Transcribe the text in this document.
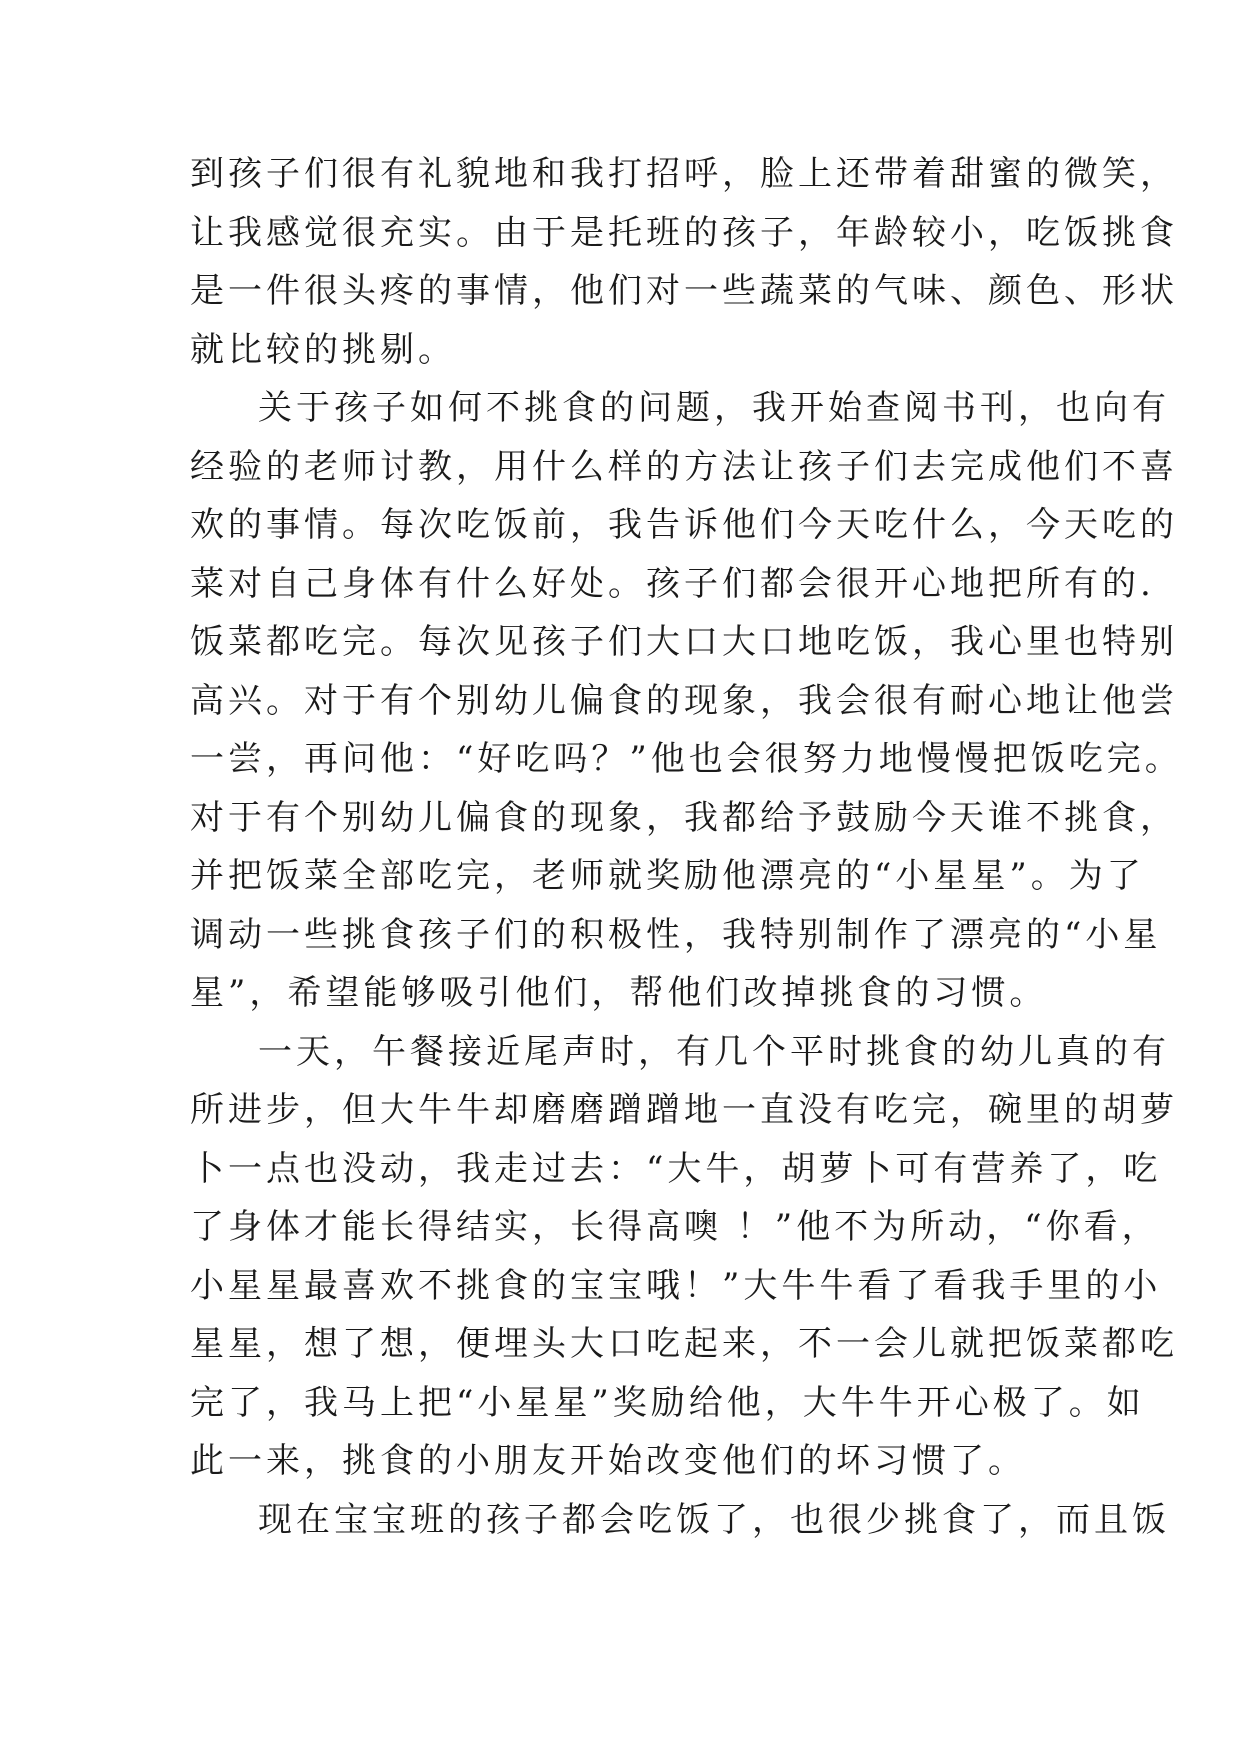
到孩子们很有礼貌地和我打招呼，脸上还带着甜蜜的微笑，
让我感觉很充实。由于是托班的孩子，年龄较小，吃饭挑食
是一件很头疼的事情，他们对一些蔬菜的气味、颜色、形状
就比较的挑剔。
关于孩子如何不挑食的问题，我开始查阅书刊，也向有
经验的老师讨教，用什么样的方法让孩子们去完成他们不喜
欢的事情。每次吃饭前，我告诉他们今天吃什么，今天吃的
菜对自己身体有什么好处。孩子们都会很开心地把所有的.
饭菜都吃完。每次见孩子们大口大口地吃饭，我心里也特别
高兴。对于有个别幼儿偏食的现象，我会很有耐心地让他尝
一尝，再问他：“好吃吗？”他也会很努力地慢慢把饭吃完。
对于有个别幼儿偏食的现象，我都给予鼓励今天谁不挑食，
并把饭菜全部吃完，老师就奖励他漂亮的“小星星”。为了
调动一些挑食孩子们的积极性，我特别制作了漂亮的“小星
星”，希望能够吸引他们，帮他们改掉挑食的习惯。
一天，午餐接近尾声时，有几个平时挑食的幼儿真的有
所进步，但大牛牛却磨磨蹭蹭地一直没有吃完，碗里的胡萝
卜一点也没动，我走过去：“大牛，胡萝卜可有营养了，吃
了身体才能长得结实，长得高噢 ！”他不为所动，“你看，
小星星最喜欢不挑食的宝宝哦！”大牛牛看了看我手里的小
星星，想了想，便埋头大口吃起来，不一会儿就把饭菜都吃
完了，我马上把“小星星”奖励给他，大牛牛开心极了。如
此一来，挑食的小朋友开始改变他们的坏习惯了。
现在宝宝班的孩子都会吃饭了，也很少挑食了，而且饭
